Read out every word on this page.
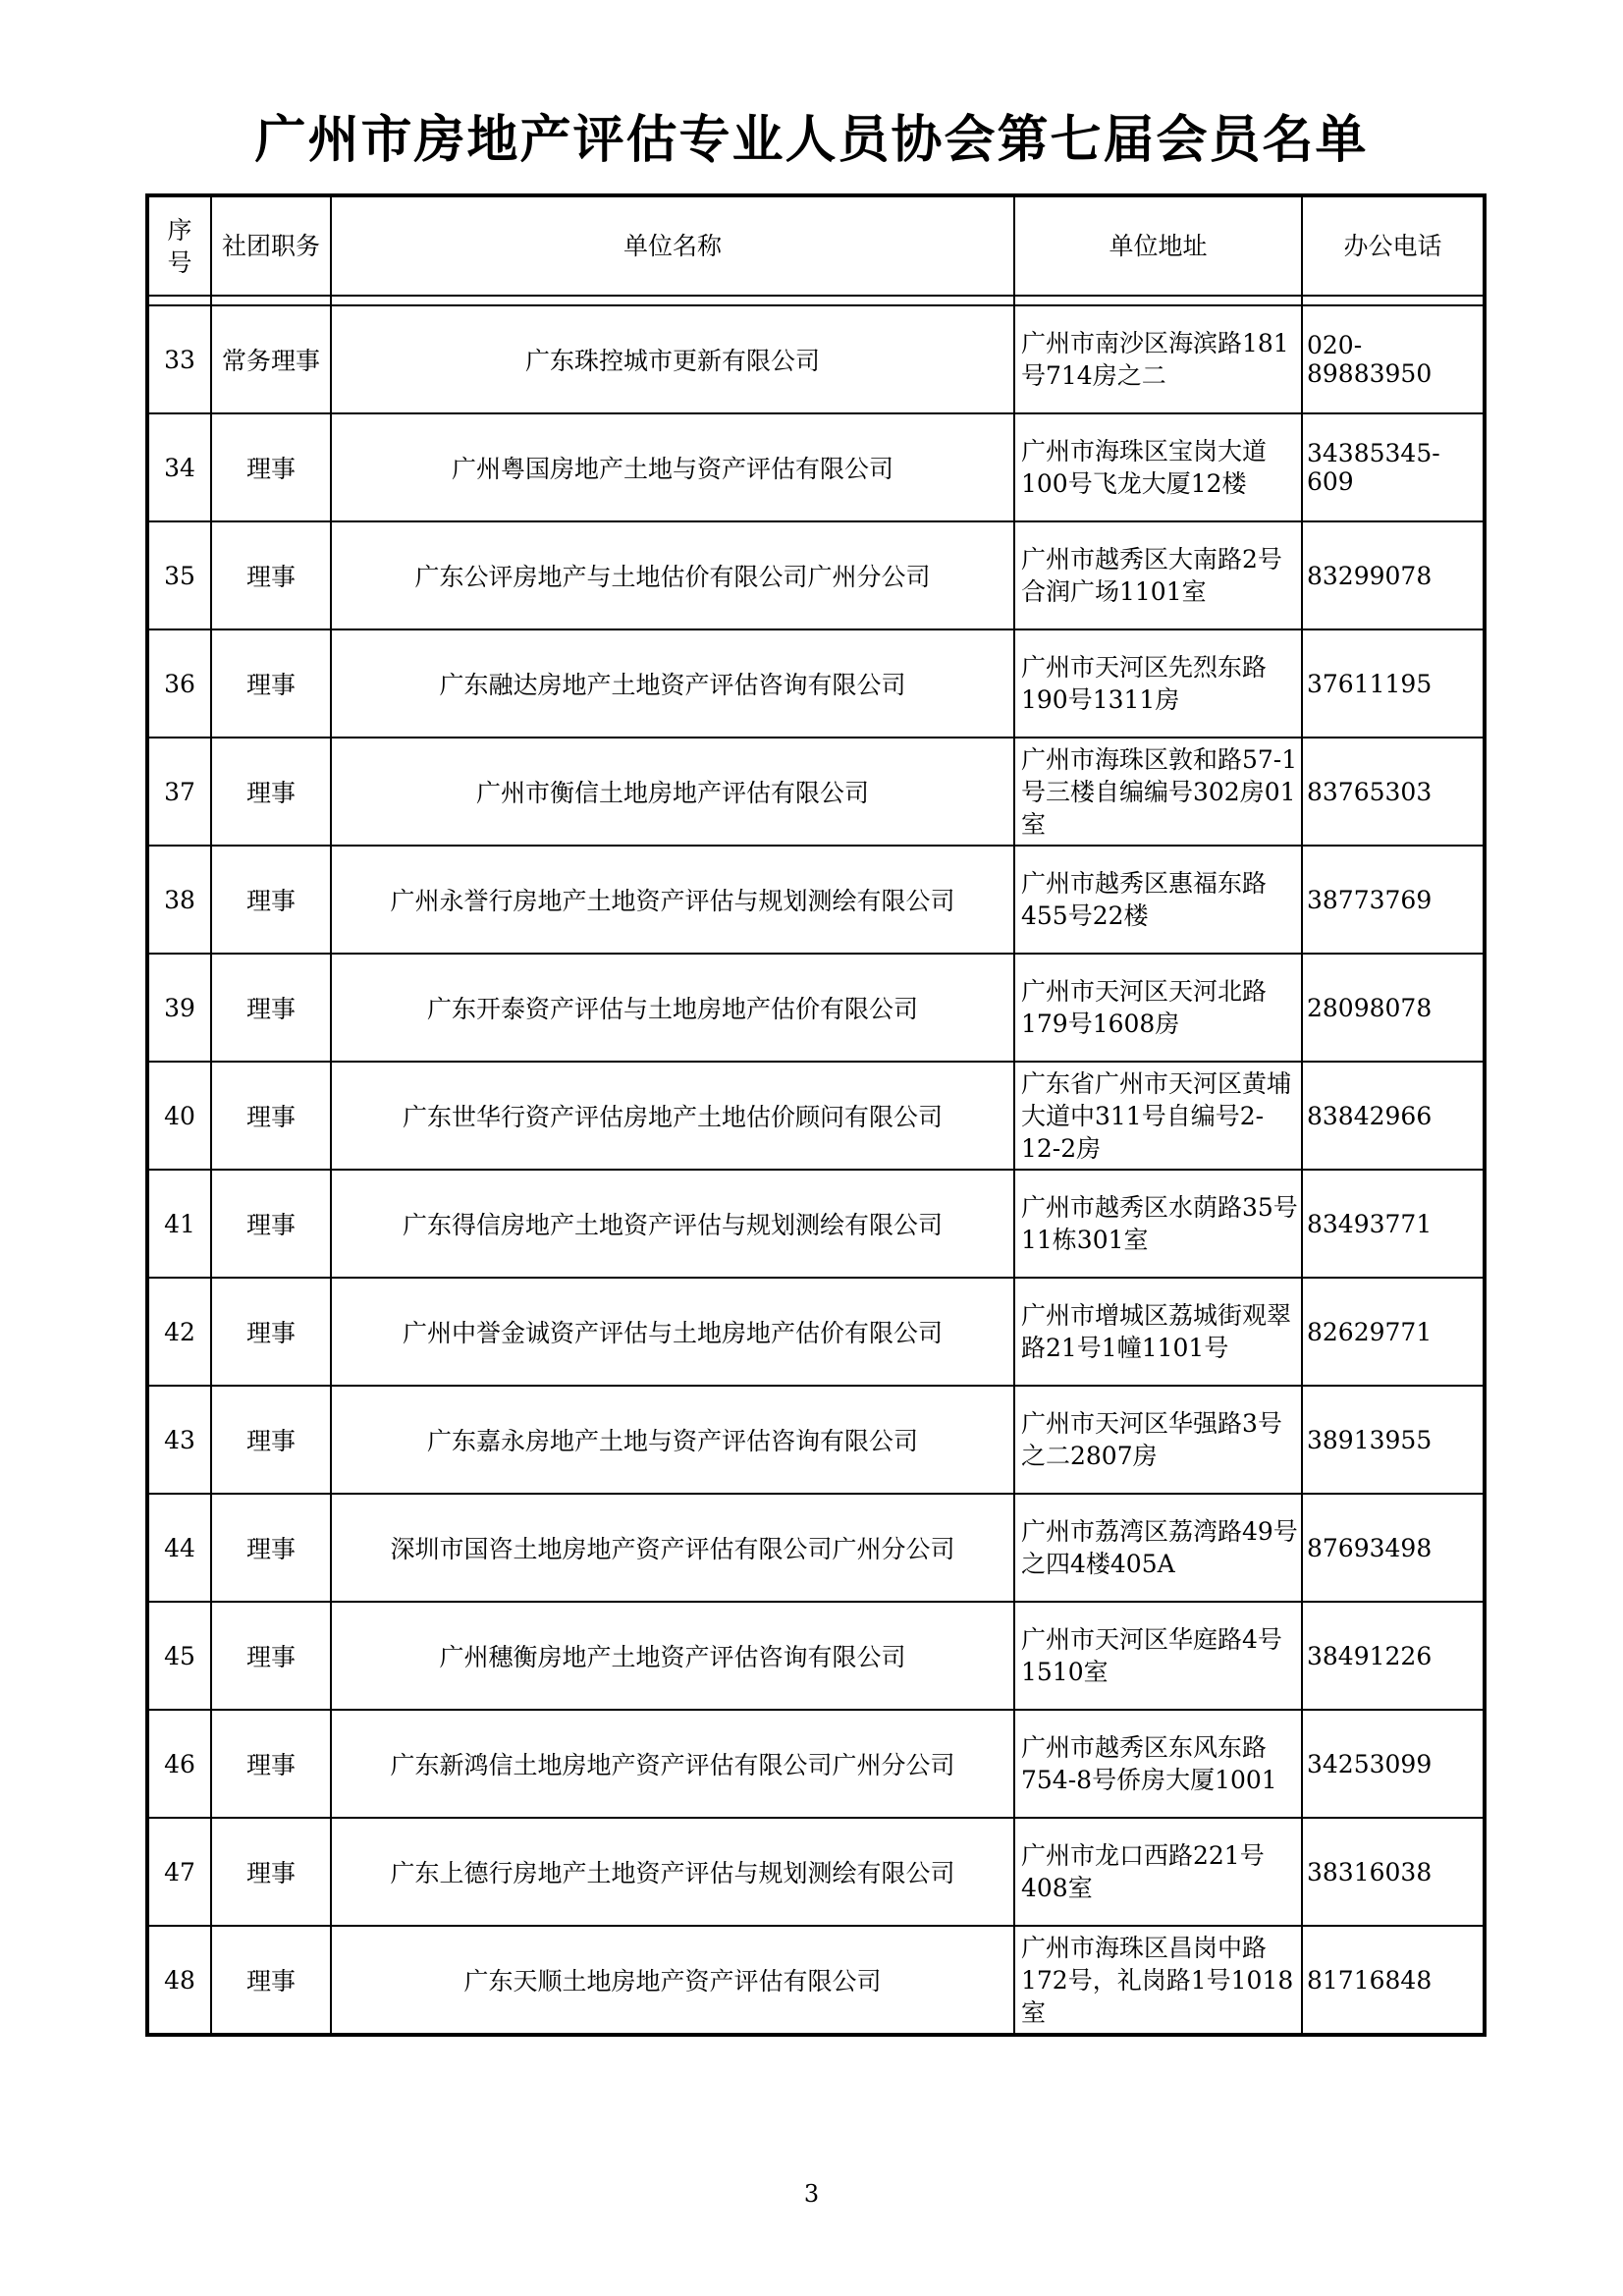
广州市房地产评估专业人员协会第七届会员名单
序号	社团职务	单位名称	单位地址	办公电话

33	常务理事	广东珠控城市更新有限公司	广州市南沙区海滨路181号714房之二	020-89883950
34	理事	广州粤国房地产土地与资产评估有限公司	广州市海珠区宝岗大道100号飞龙大厦12楼	34385345-609
35	理事	广东公评房地产与土地估价有限公司广州分公司	广州市越秀区大南路2号合润广场1101室	83299078
36	理事	广东融达房地产土地资产评估咨询有限公司	广州市天河区先烈东路190号1311房	37611195
37	理事	广州市衡信土地房地产评估有限公司	广州市海珠区敦和路57-1号三楼自编编号302房01室	83765303
38	理事	广州永誉行房地产土地资产评估与规划测绘有限公司	广州市越秀区惠福东路455号22楼	38773769
39	理事	广东开泰资产评估与土地房地产估价有限公司	广州市天河区天河北路179号1608房	28098078
40	理事	广东世华行资产评估房地产土地估价顾问有限公司	广东省广州市天河区黄埔大道中311号自编号2-12-2房	83842966
41	理事	广东得信房地产土地资产评估与规划测绘有限公司	广州市越秀区水荫路35号11栋301室	83493771
42	理事	广州中誉金诚资产评估与土地房地产估价有限公司	广州市增城区荔城街观翠路21号1幢1101号	82629771
43	理事	广东嘉永房地产土地与资产评估咨询有限公司	广州市天河区华强路3号之二2807房	38913955
44	理事	深圳市国咨土地房地产资产评估有限公司广州分公司	广州市荔湾区荔湾路49号之四4楼405A	87693498
45	理事	广州穗衡房地产土地资产评估咨询有限公司	广州市天河区华庭路4号1510室	38491226
46	理事	广东新鸿信土地房地产资产评估有限公司广州分公司	广州市越秀区东风东路754-8号侨房大厦1001	34253099
47	理事	广东上德行房地产土地资产评估与规划测绘有限公司	广州市龙口西路221号408室	38316038
48	理事	广东天顺土地房地产资产评估有限公司	广州市海珠区昌岗中路172号，礼岗路1号1018室	81716848
3
